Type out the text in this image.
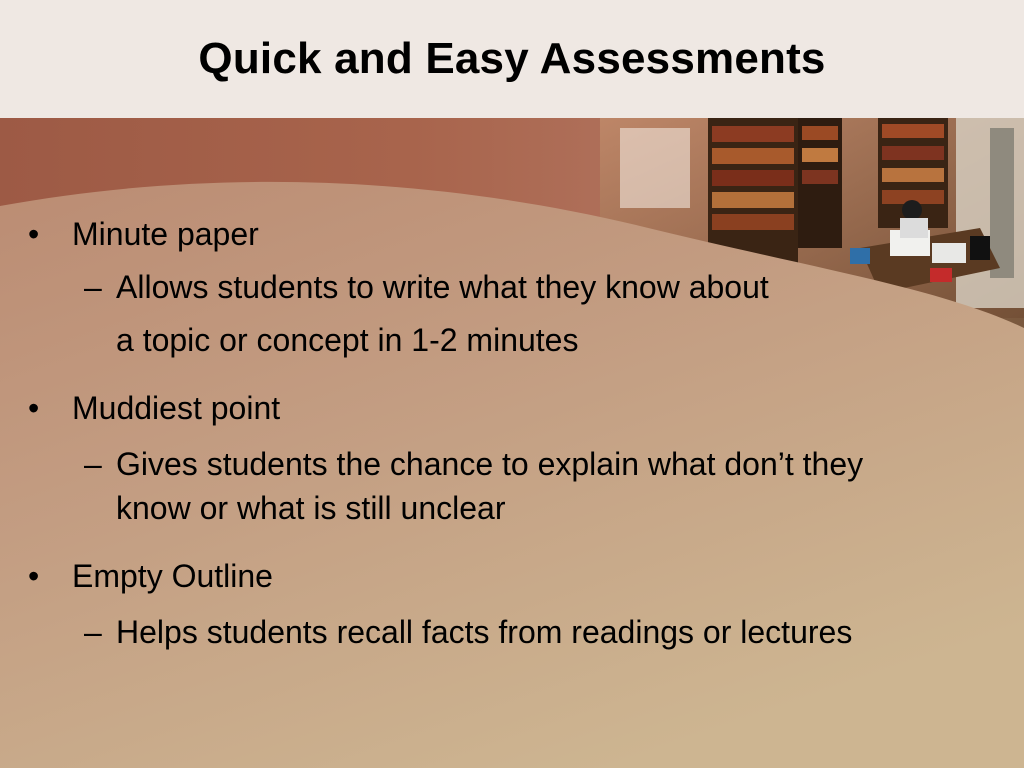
Quick and Easy Assessments
• Minute paper
– Allows students to write what they know about
a topic or concept in 1-2 minutes
• Muddiest point
– Gives students the chance to explain what don’t they
know or what is still unclear
• Empty Outline
– Helps students recall facts from readings or lectures
